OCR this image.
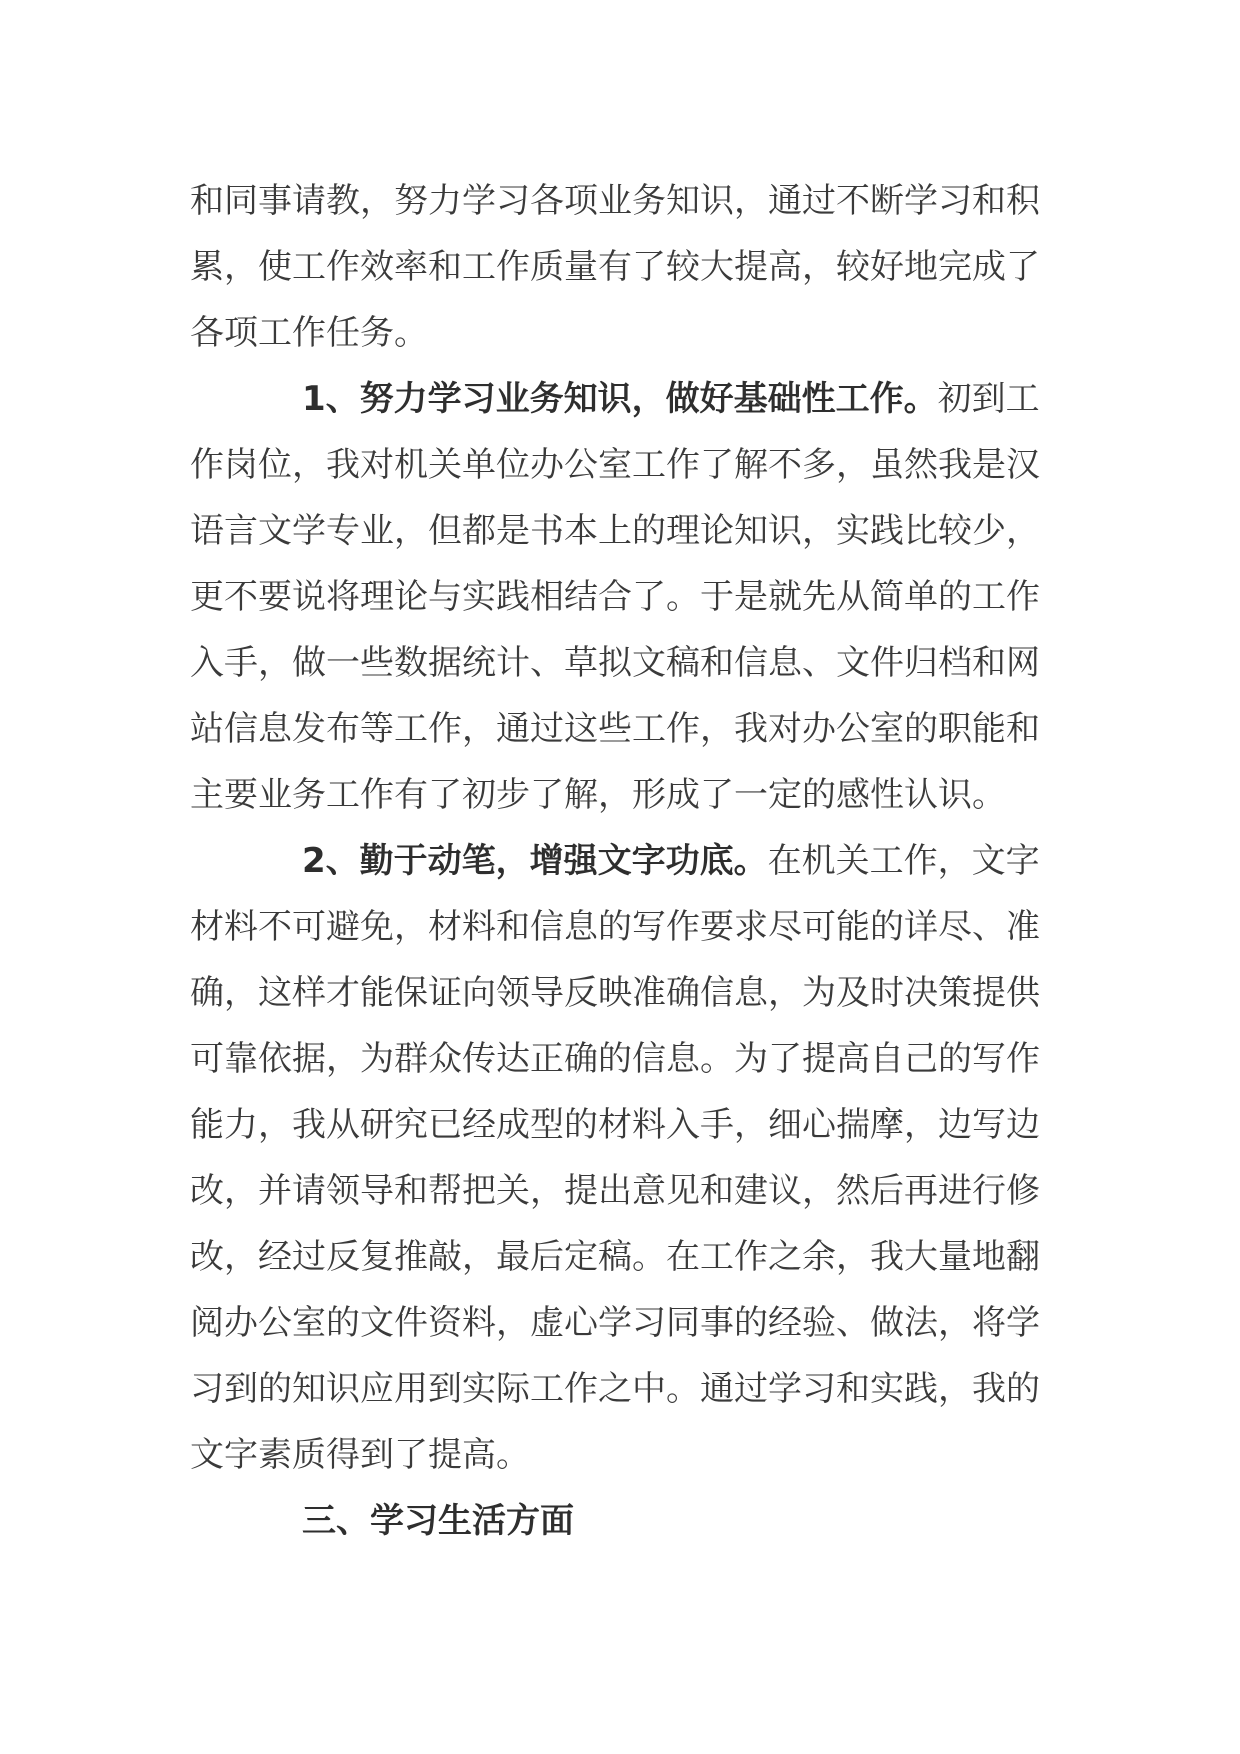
和同事请教，努力学习各项业务知识，通过不断学习和积
累，使工作效率和工作质量有了较大提高，较好地完成了
各项工作任务。
1、努力学习业务知识，做好基础性工作。初到工
作岗位，我对机关单位办公室工作了解不多，虽然我是汉
语言文学专业，但都是书本上的理论知识，实践比较少，
更不要说将理论与实践相结合了。于是就先从简单的工作
入手，做一些数据统计、草拟文稿和信息、文件归档和网
站信息发布等工作，通过这些工作，我对办公室的职能和
主要业务工作有了初步了解，形成了一定的感性认识。
2、勤于动笔，增强文字功底。在机关工作，文字
材料不可避免，材料和信息的写作要求尽可能的详尽、准
确，这样才能保证向领导反映准确信息，为及时决策提供
可靠依据，为群众传达正确的信息。为了提高自己的写作
能力，我从研究已经成型的材料入手，细心揣摩，边写边
改，并请领导和帮把关，提出意见和建议，然后再进行修
改，经过反复推敲，最后定稿。在工作之余，我大量地翻
阅办公室的文件资料，虚心学习同事的经验、做法，将学
习到的知识应用到实际工作之中。通过学习和实践，我的
文字素质得到了提高。
三、学习生活方面
